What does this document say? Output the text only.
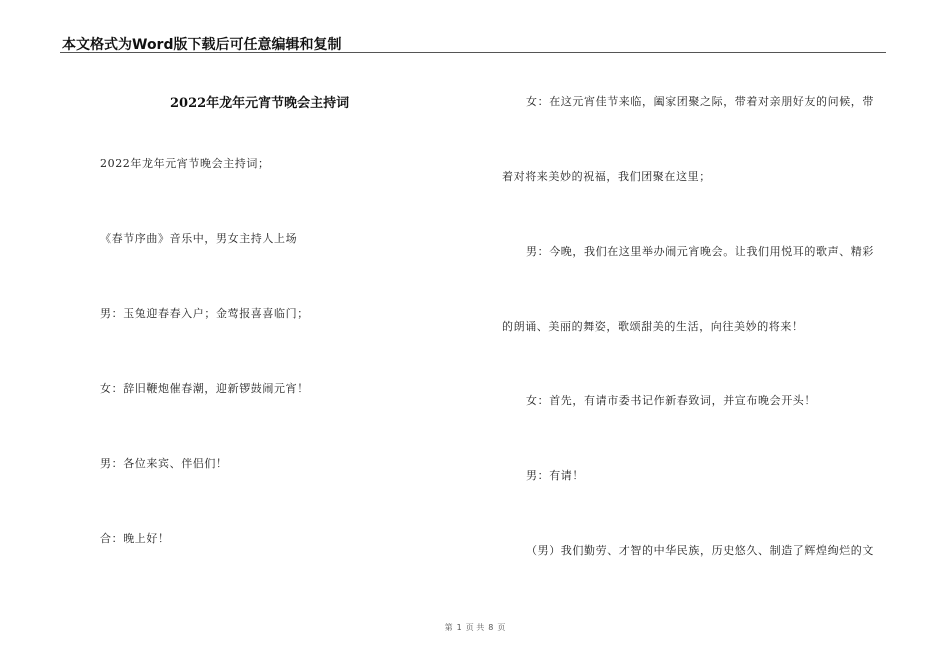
本文格式为Word版下载后可任意编辑和复制
2022年龙年元宵节晚会主持词
2022年龙年元宵节晚会主持词；
《春节序曲》音乐中，男女主持人上场
男：玉兔迎春春入户；金莺报喜喜临门；
女：辞旧鞭炮催春潮，迎新锣鼓闹元宵！
男：各位来宾、伴侣们！
合：晚上好！
女：在这元宵佳节来临，阖家团聚之际，带着对亲朋好友的问候，带
着对将来美妙的祝福，我们团聚在这里；
男：今晚，我们在这里举办闹元宵晚会。让我们用悦耳的歌声、精彩
的朗诵、美丽的舞姿，歌颂甜美的生活，向往美妙的将来！
女：首先，有请市委书记作新春致词，并宣布晚会开头！
男：有请！
（男）我们勤劳、才智的中华民族，历史悠久、制造了辉煌绚烂的文
第 1 页 共 8 页
